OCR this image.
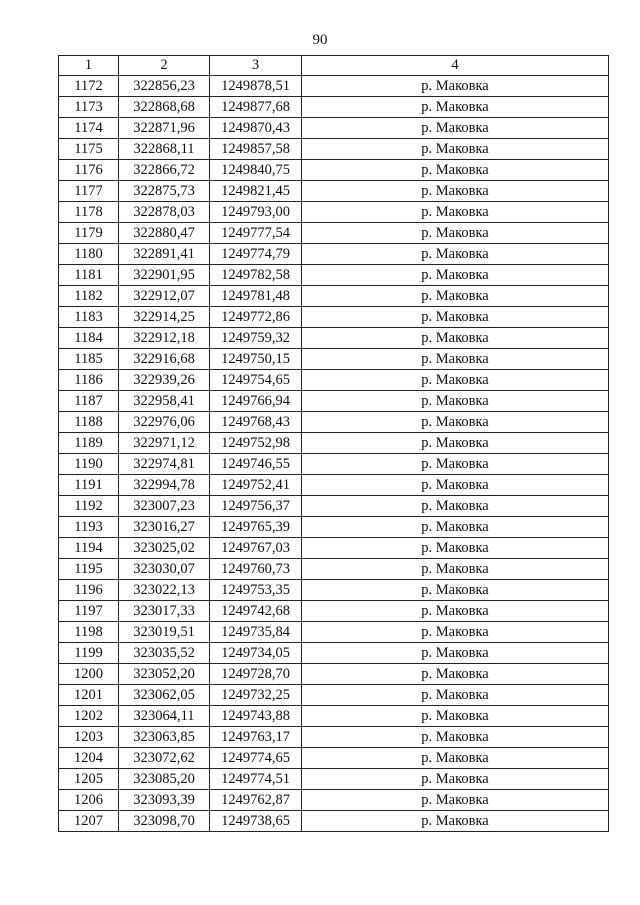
90
1	2	3	4
1172	322856,23	1249878,51	р. Маковка
1173	322868,68	1249877,68	р. Маковка
1174	322871,96	1249870,43	р. Маковка
1175	322868,11	1249857,58	р. Маковка
1176	322866,72	1249840,75	р. Маковка
1177	322875,73	1249821,45	р. Маковка
1178	322878,03	1249793,00	р. Маковка
1179	322880,47	1249777,54	р. Маковка
1180	322891,41	1249774,79	р. Маковка
1181	322901,95	1249782,58	р. Маковка
1182	322912,07	1249781,48	р. Маковка
1183	322914,25	1249772,86	р. Маковка
1184	322912,18	1249759,32	р. Маковка
1185	322916,68	1249750,15	р. Маковка
1186	322939,26	1249754,65	р. Маковка
1187	322958,41	1249766,94	р. Маковка
1188	322976,06	1249768,43	р. Маковка
1189	322971,12	1249752,98	р. Маковка
1190	322974,81	1249746,55	р. Маковка
1191	322994,78	1249752,41	р. Маковка
1192	323007,23	1249756,37	р. Маковка
1193	323016,27	1249765,39	р. Маковка
1194	323025,02	1249767,03	р. Маковка
1195	323030,07	1249760,73	р. Маковка
1196	323022,13	1249753,35	р. Маковка
1197	323017,33	1249742,68	р. Маковка
1198	323019,51	1249735,84	р. Маковка
1199	323035,52	1249734,05	р. Маковка
1200	323052,20	1249728,70	р. Маковка
1201	323062,05	1249732,25	р. Маковка
1202	323064,11	1249743,88	р. Маковка
1203	323063,85	1249763,17	р. Маковка
1204	323072,62	1249774,65	р. Маковка
1205	323085,20	1249774,51	р. Маковка
1206	323093,39	1249762,87	р. Маковка
1207	323098,70	1249738,65	р. Маковка
